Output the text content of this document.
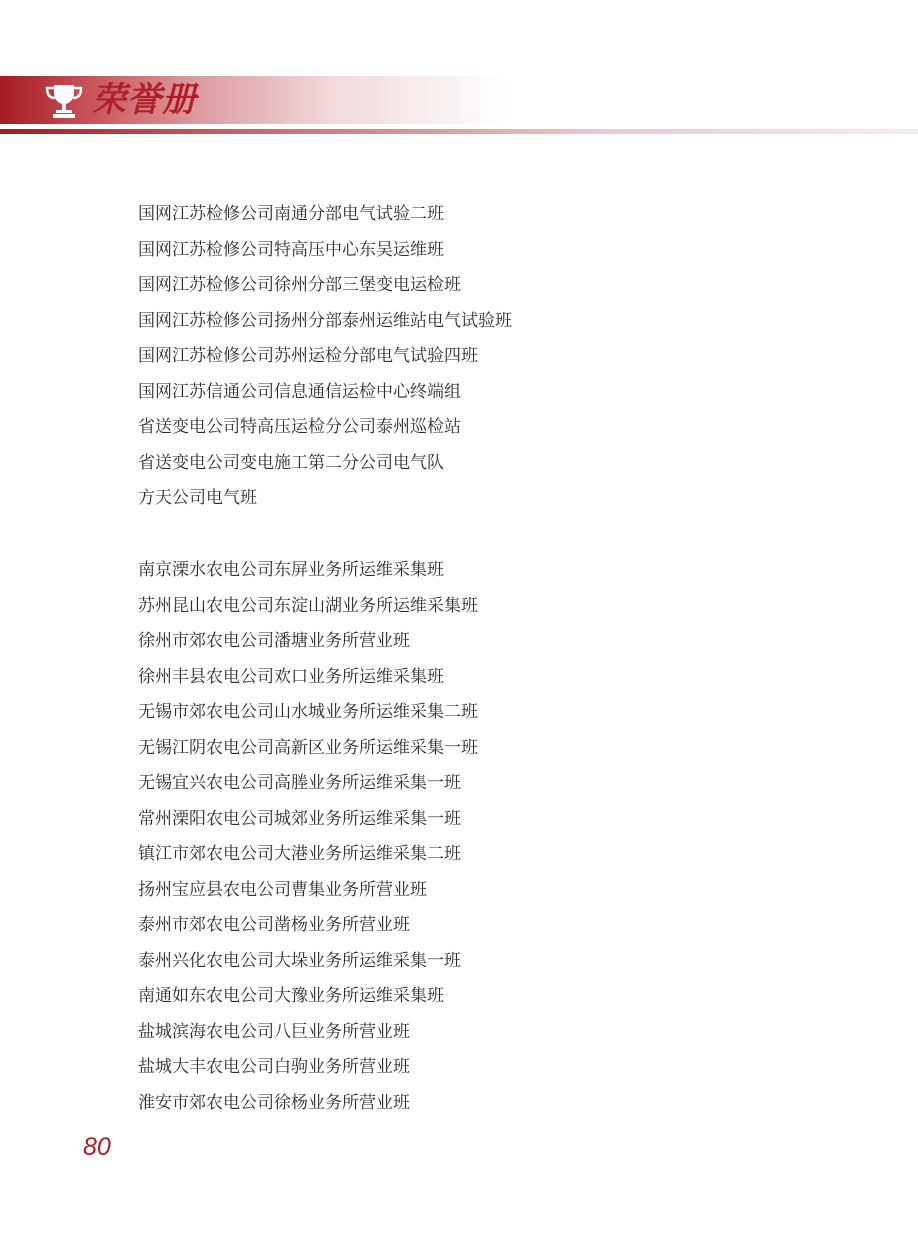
荣誉册
国网江苏检修公司南通分部电气试验二班
国网江苏检修公司特高压中心东吴运维班
国网江苏检修公司徐州分部三堡变电运检班
国网江苏检修公司扬州分部泰州运维站电气试验班
国网江苏检修公司苏州运检分部电气试验四班
国网江苏信通公司信息通信运检中心终端组
省送变电公司特高压运检分公司泰州巡检站
省送变电公司变电施工第二分公司电气队
方天公司电气班
南京溧水农电公司东屏业务所运维采集班
苏州昆山农电公司东淀山湖业务所运维采集班
徐州市郊农电公司潘塘业务所营业班
徐州丰县农电公司欢口业务所运维采集班
无锡市郊农电公司山水城业务所运维采集二班
无锡江阴农电公司高新区业务所运维采集一班
无锡宜兴农电公司高塍业务所运维采集一班
常州溧阳农电公司城郊业务所运维采集一班
镇江市郊农电公司大港业务所运维采集二班
扬州宝应县农电公司曹集业务所营业班
泰州市郊农电公司凿杨业务所营业班
泰州兴化农电公司大垛业务所运维采集一班
南通如东农电公司大豫业务所运维采集班
盐城滨海农电公司八巨业务所营业班
盐城大丰农电公司白驹业务所营业班
淮安市郊农电公司徐杨业务所营业班
80
